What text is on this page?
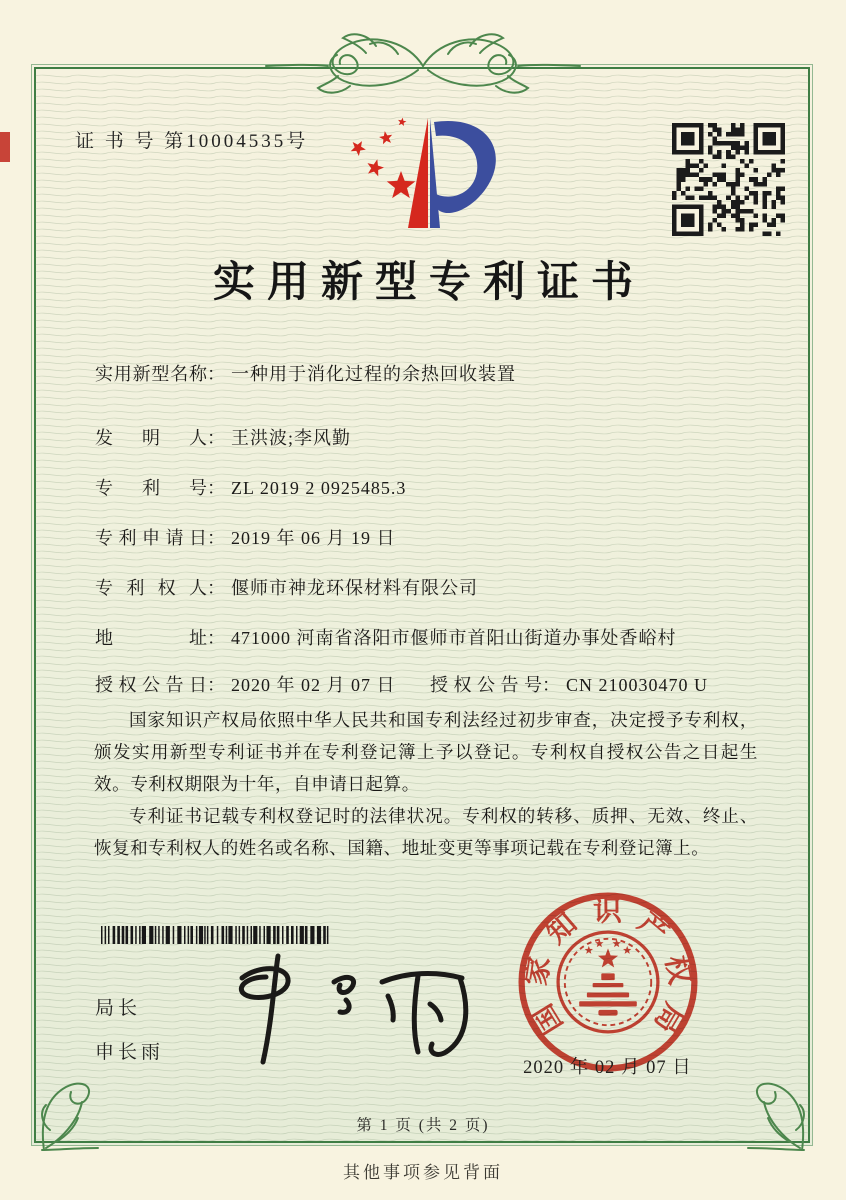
证 书 号 第10004535号
实用新型专利证书
实用新型名称： 一种用于消化过程的余热回收装置
发明人： 王洪波;李风勤
专利号： ZL 2019 2 0925485.3
专利申请日： 2019 年 06 月 19 日
专利权人： 偃师市神龙环保材料有限公司
地址： 471000 河南省洛阳市偃师市首阳山街道办事处香峪村
授权公告日： 2020 年 02 月 07 日 授权公告号： CN 210030470 U

国家知识产权局依照中华人民共和国专利法经过初步审查，决定授予专利权，颁发实用新型专利证书并在专利登记簿上予以登记。专利权自授权公告之日起生效。专利权期限为十年，自申请日起算。

专利证书记载专利权登记时的法律状况。专利权的转移、质押、无效、终止、恢复和专利权人的姓名或名称、国籍、地址变更等事项记载在专利登记簿上。

局长
申长雨
国家知识产权局
2020 年 02 月 07 日
第 1 页 (共 2 页)
其他事项参见背面
